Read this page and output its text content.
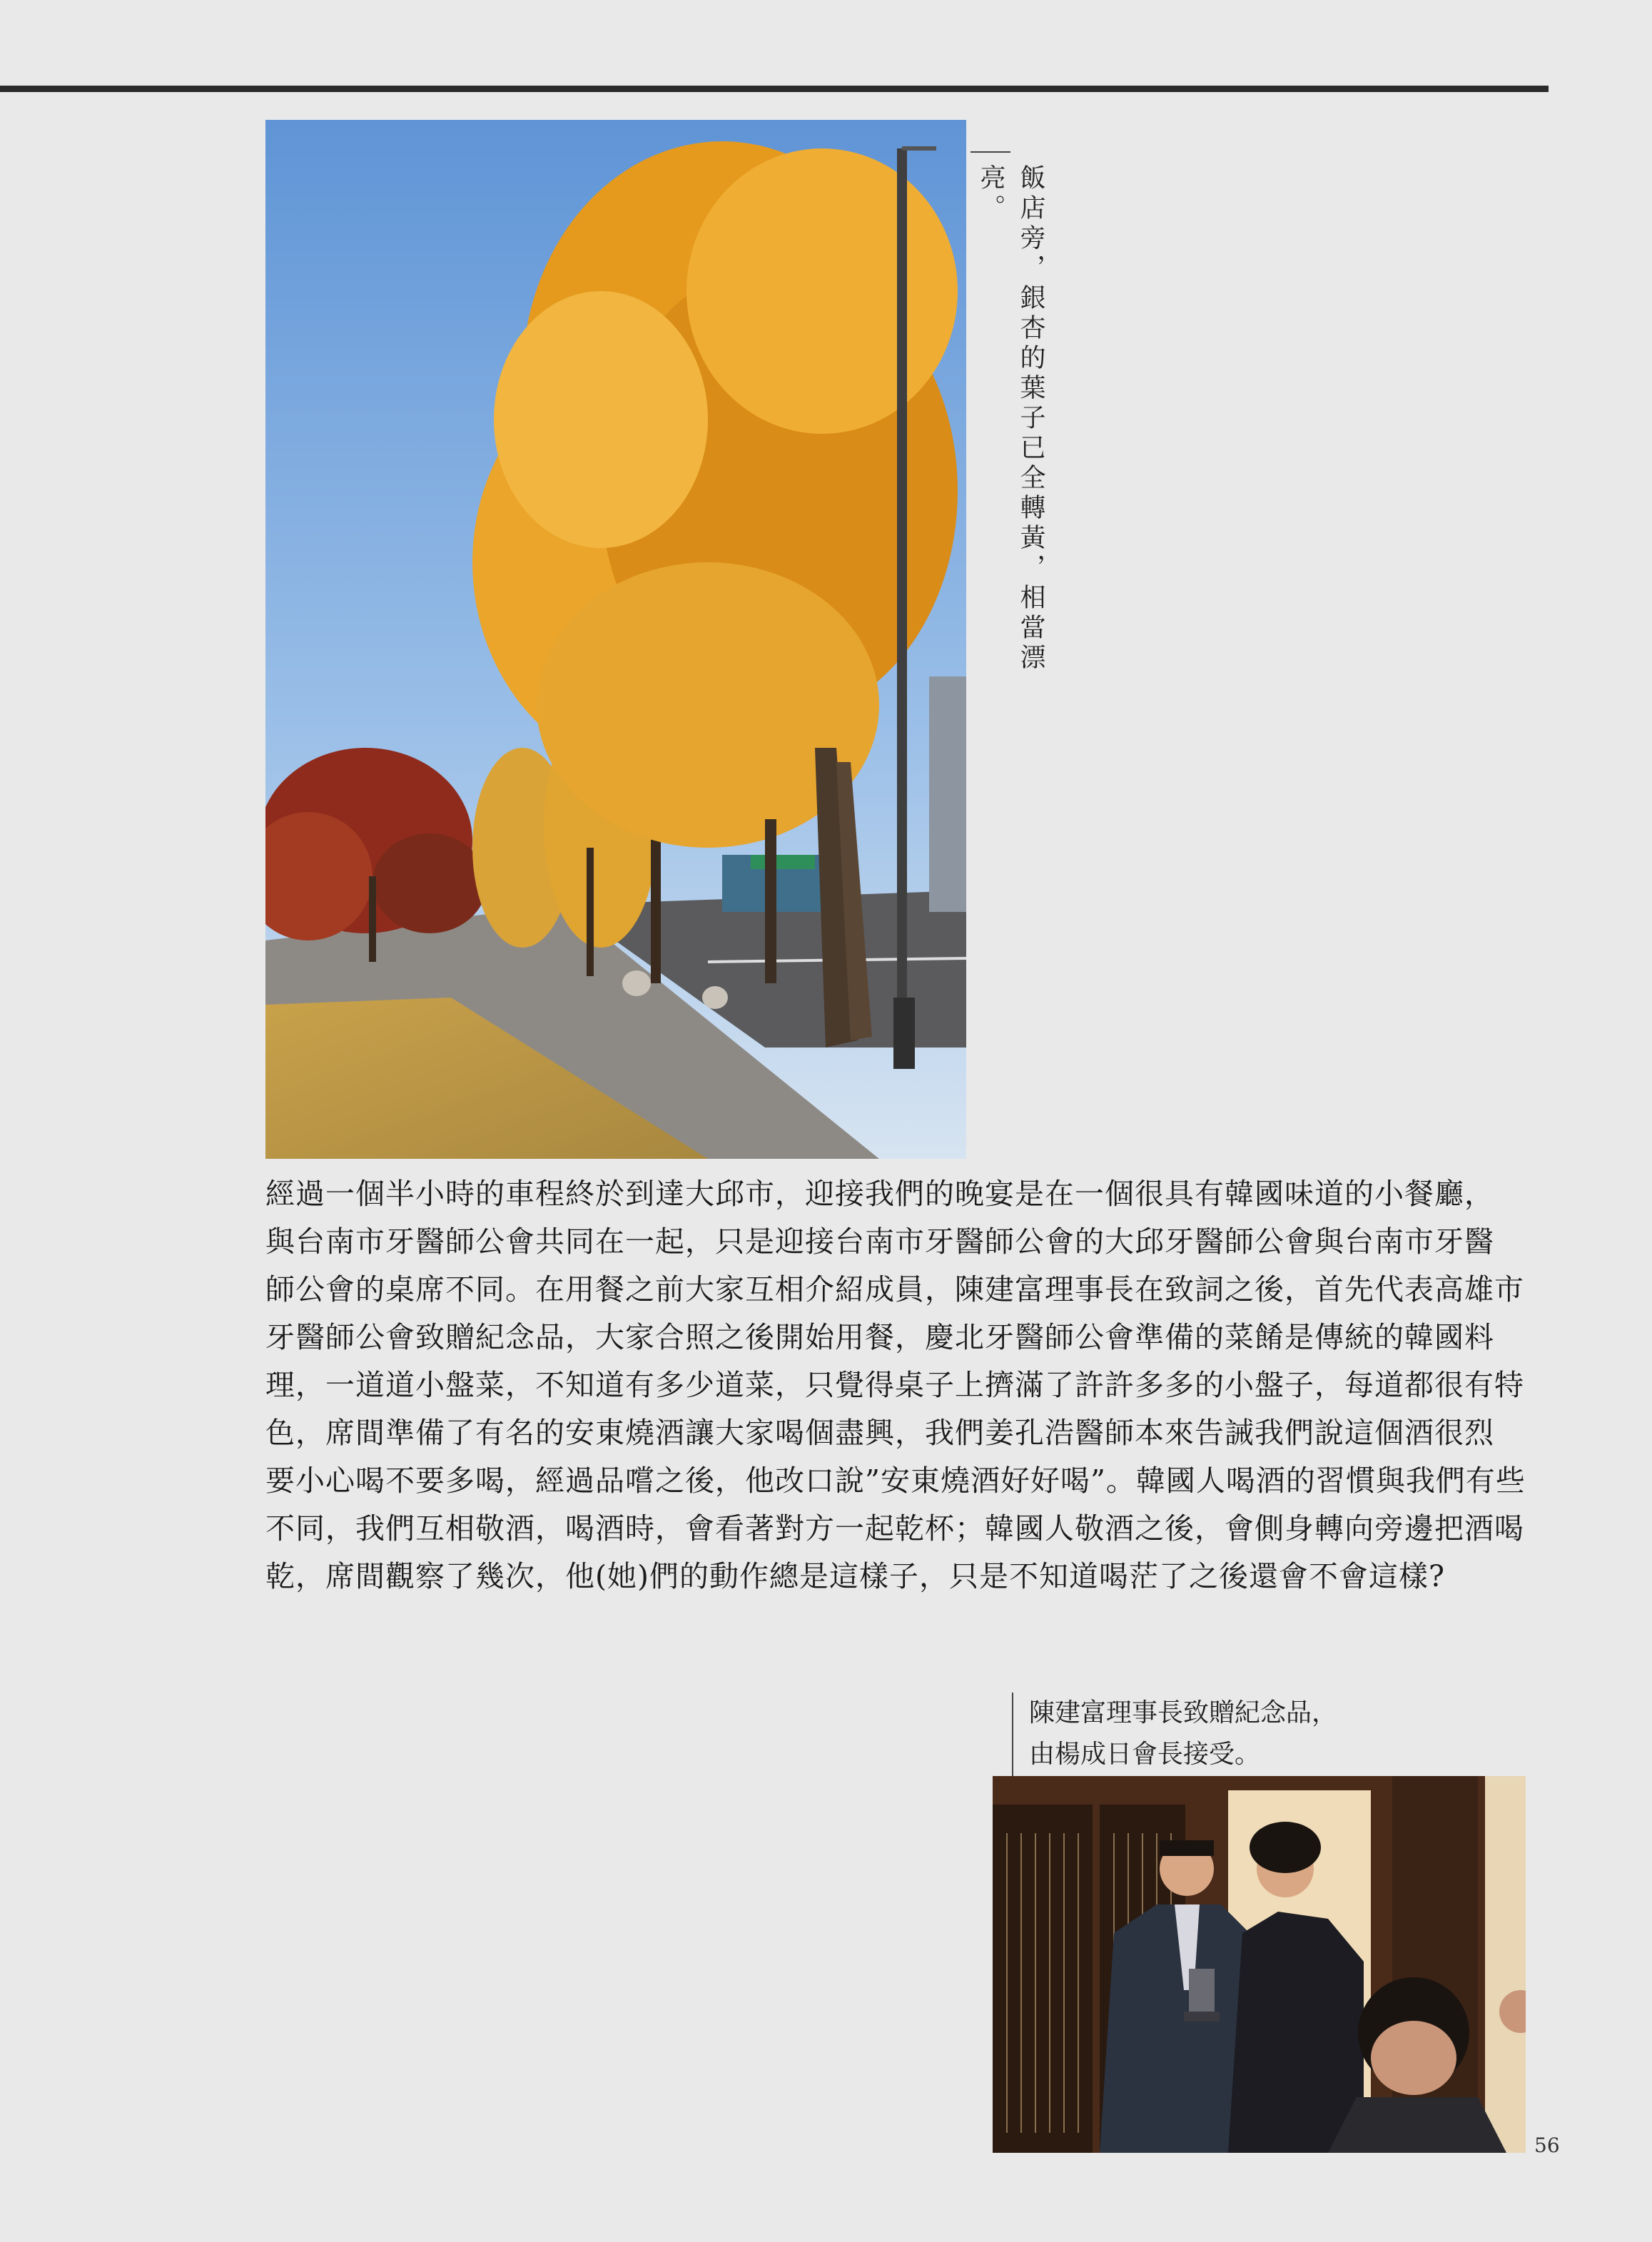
飯店旁，銀杏的葉子已全轉黃，相當漂亮。
經過一個半小時的車程終於到達大邱市，迎接我們的晚宴是在一個很具有韓國味道的小餐廳，
與台南市牙醫師公會共同在一起，只是迎接台南市牙醫師公會的大邱牙醫師公會與台南市牙醫
師公會的桌席不同。在用餐之前大家互相介紹成員，陳建富理事長在致詞之後，首先代表高雄市
牙醫師公會致贈紀念品，大家合照之後開始用餐，慶北牙醫師公會準備的菜餚是傳統的韓國料
理，一道道小盤菜，不知道有多少道菜，只覺得桌子上擠滿了許許多多的小盤子，每道都很有特
色，席間準備了有名的安東燒酒讓大家喝個盡興，我們姜孔浩醫師本來告誡我們說這個酒很烈
要小心喝不要多喝，經過品嚐之後，他改口說”安東燒酒好好喝”。韓國人喝酒的習慣與我們有些
不同，我們互相敬酒，喝酒時，會看著對方一起乾杯；韓國人敬酒之後，會側身轉向旁邊把酒喝
乾，席間觀察了幾次，他(她)們的動作總是這樣子，只是不知道喝茫了之後還會不會這樣?
陳建富理事長致贈紀念品，
由楊成日會長接受。
56
